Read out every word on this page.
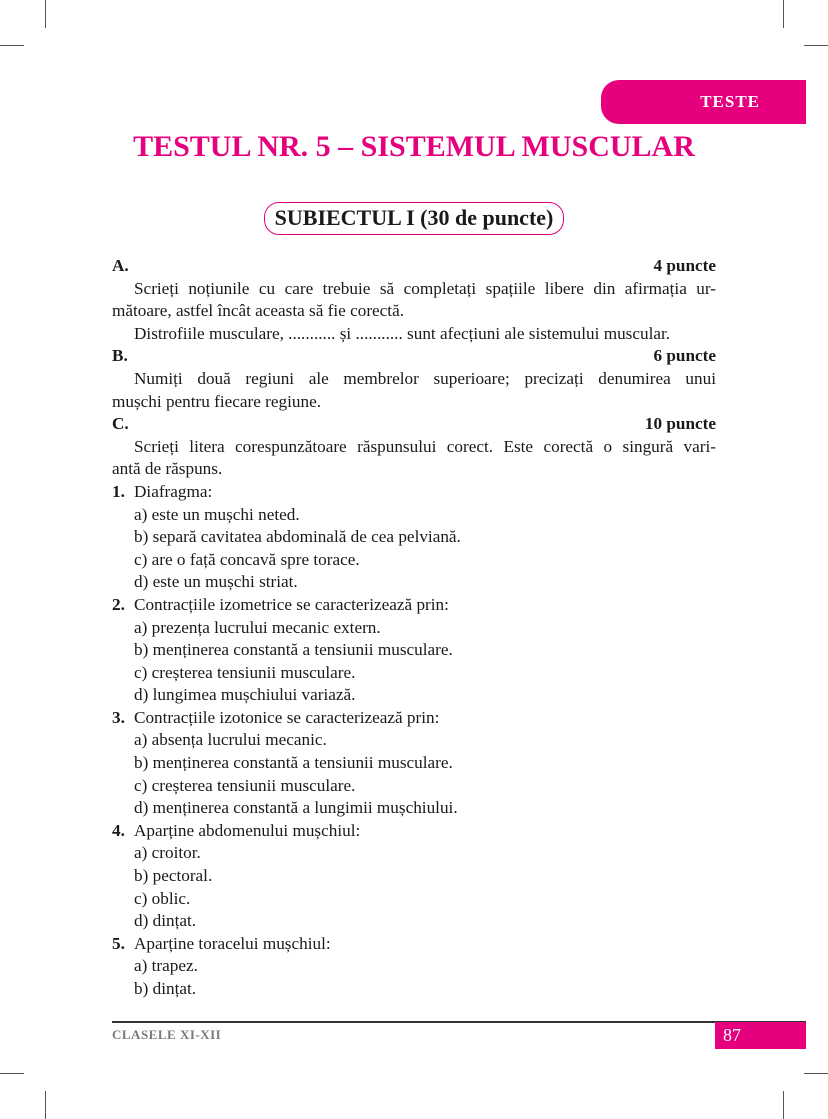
TESTE
TESTUL NR. 5 – SISTEMUL MUSCULAR
SUBIECTUL I (30 de puncte)
A.	4 puncte
Scrieți noțiunile cu care trebuie să completați spațiile libere din afirmația ur-
mătoare, astfel încât aceasta să fie corectă.
Distrofiile musculare, ........... și ........... sunt afecțiuni ale sistemului muscular.
B.	6 puncte
Numiți două regiuni ale membrelor superioare; precizați denumirea unui
mușchi pentru fiecare regiune.
C.	10 puncte
Scrieți litera corespunzătoare răspunsului corect. Este corectă o singură vari-
antă de răspuns.
1. Diafragma:
a) este un mușchi neted.
b) separă cavitatea abdominală de cea pelviană.
c) are o față concavă spre torace.
d) este un mușchi striat.
2. Contracțiile izometrice se caracterizează prin:
a) prezența lucrului mecanic extern.
b) menținerea constantă a tensiunii musculare.
c) creșterea tensiunii musculare.
d) lungimea mușchiului variază.
3. Contracțiile izotonice se caracterizează prin:
a) absența lucrului mecanic.
b) menținerea constantă a tensiunii musculare.
c) creșterea tensiunii musculare.
d) menținerea constantă a lungimii mușchiului.
4. Aparține abdomenului mușchiul:
a) croitor.
b) pectoral.
c) oblic.
d) dințat.
5. Aparține toracelui mușchiul:
a) trapez.
b) dințat.
CLASELE XI-XII	87
